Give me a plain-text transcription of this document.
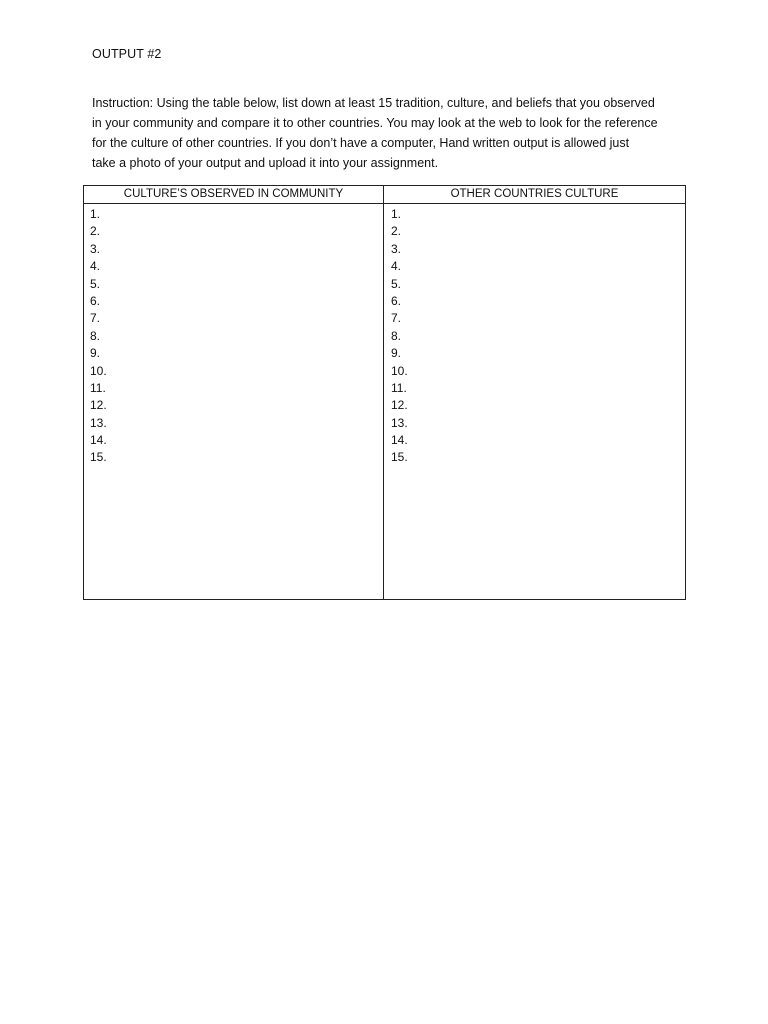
OUTPUT #2
Instruction: Using the table below, list down at least 15 tradition, culture, and beliefs that you observed
in your community and compare it to other countries. You may look at the web to look for the reference
for the culture of other countries. If you don’t have a computer, Hand written output is allowed just
take a photo of your output and upload it into your assignment.
CULTURE’S OBSERVED IN COMMUNITY	OTHER COUNTRIES CULTURE
1.
2.
3.
4.
5.
6.
7.
8.
9.
10.
11.
12.
13.
14.
15.
1.
2.
3.
4.
5.
6.
7.
8.
9.
10.
11.
12.
13.
14.
15.
